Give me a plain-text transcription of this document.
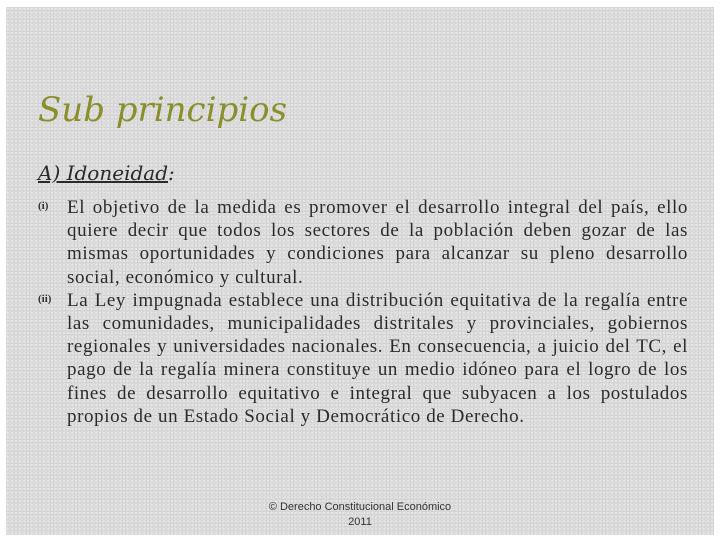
Sub principios
A) Idoneidad:
(i) El objetivo de la medida es promover el desarrollo integral del país, ello quiere decir que todos los sectores de la población deben gozar de las mismas oportunidades y condiciones para alcanzar su pleno desarrollo social, económico y cultural.
(ii) La Ley impugnada establece una distribución equitativa de la regalía entre las comunidades, municipalidades distritales y provinciales, gobiernos regionales y universidades nacionales. En consecuencia, a juicio del TC, el pago de la regalía minera constituye un medio idóneo para el logro de los fines de desarrollo equitativo e integral que subyacen a los postulados propios de un Estado Social y Democrático de Derecho.
© Derecho Constitucional Económico
2011
